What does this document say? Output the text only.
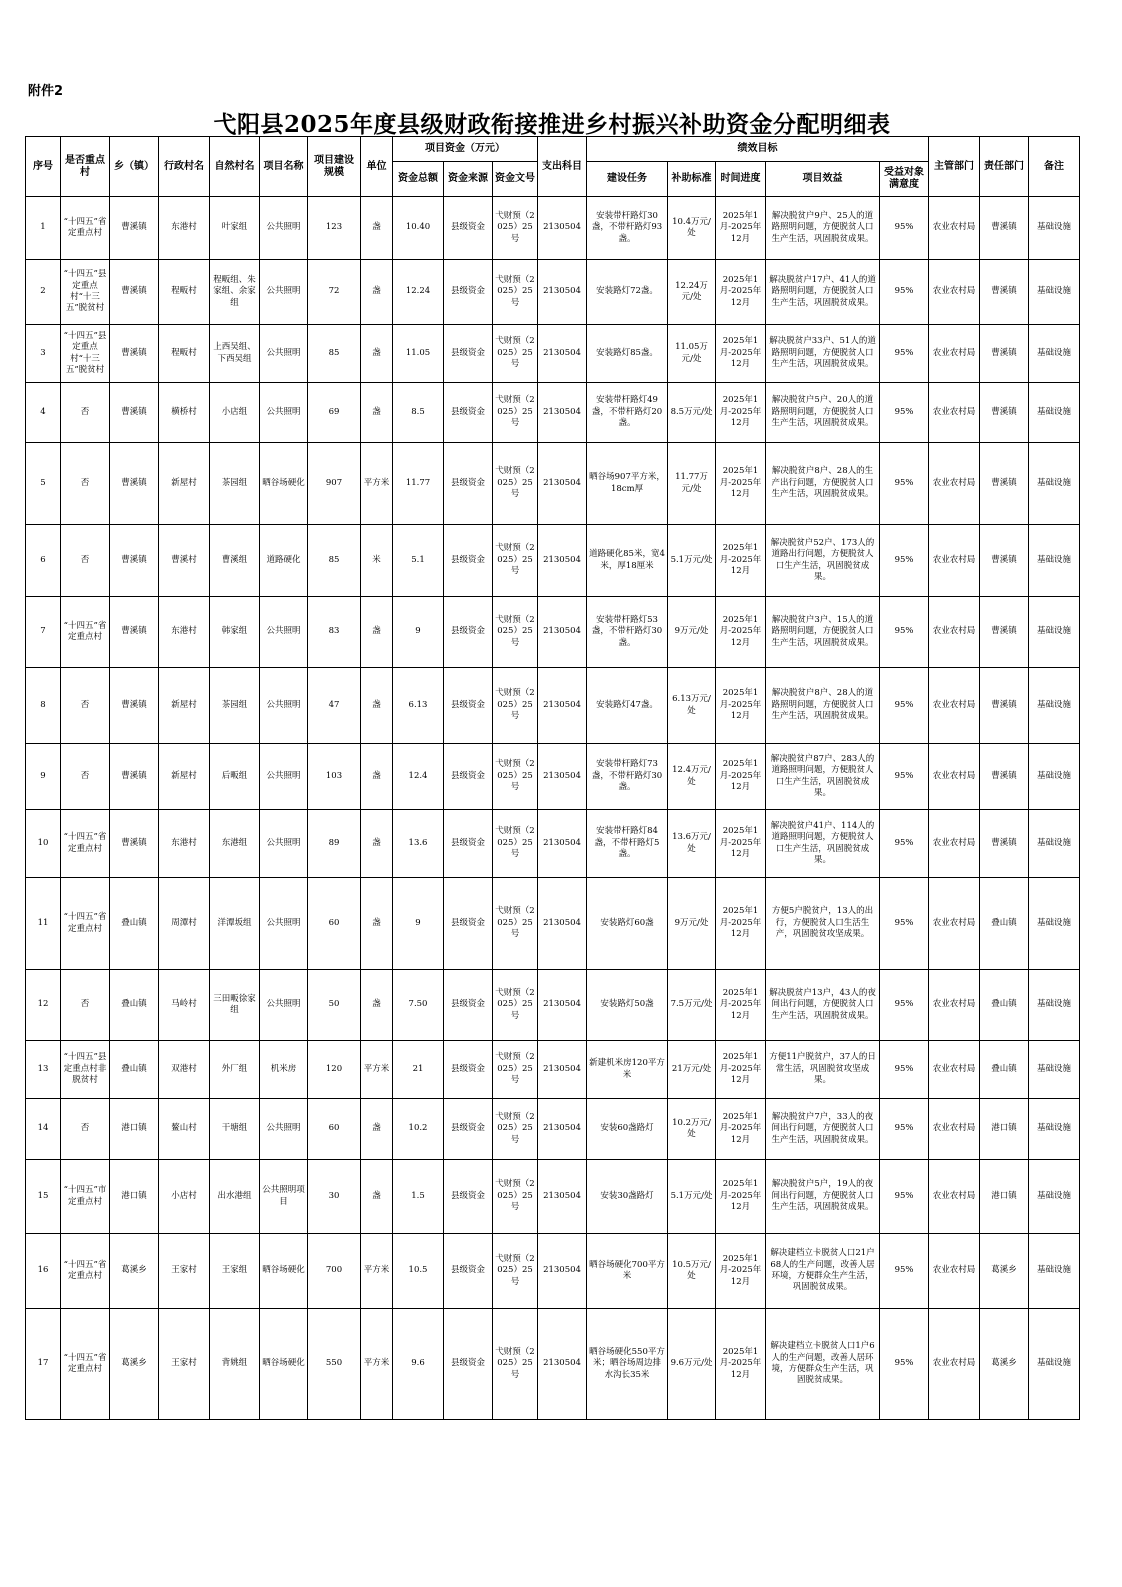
附件2
弋阳县2025年度县级财政衔接推进乡村振兴补助资金分配明细表
序号	是否重点村	乡（镇）	行政村名	自然村名	项目名称	项目建设规模	单位	项目资金（万元）			支出科目	绩效目标					主管部门	责任部门	备注
								资金总额	资金来源	资金文号		建设任务	补助标准	时间进度	项目效益	受益对象满意度			
1	“十四五”省定重点村	曹溪镇	东港村	叶家组	公共照明	123	盏	10.40	县级资金	弋财预（2025）25号	2130504	安装带杆路灯30盏，不带杆路灯93盏。	10.4万元/处	2025年1月-2025年12月	解决脱贫户9户、25人的道路照明问题，方便脱贫人口生产生活，巩固脱贫成果。	95%	农业农村局	曹溪镇	基础设施
2	“十四五”县定重点村“十三五”脱贫村	曹溪镇	程畈村	程畈组、朱家组、余家组	公共照明	72	盏	12.24	县级资金	弋财预（2025）25号	2130504	安装路灯72盏。	12.24万元/处	2025年1月-2025年12月	解决脱贫户17户、41人的道路照明问题，方便脱贫人口生产生活，巩固脱贫成果。	95%	农业农村局	曹溪镇	基础设施
3	“十四五”县定重点村“十三五”脱贫村	曹溪镇	程畈村	上西吴组、下西吴组	公共照明	85	盏	11.05	县级资金	弋财预（2025）25号	2130504	安装路灯85盏。	11.05万元/处	2025年1月-2025年12月	解决脱贫户33户、51人的道路照明问题，方便脱贫人口生产生活，巩固脱贫成果。	95%	农业农村局	曹溪镇	基础设施
4	否	曹溪镇	横桥村	小店组	公共照明	69	盏	8.5	县级资金	弋财预（2025）25号	2130504	安装带杆路灯49盏，不带杆路灯20盏。	8.5万元/处	2025年1月-2025年12月	解决脱贫户5户、20人的道路照明问题，方便脱贫人口生产生活，巩固脱贫成果。	95%	农业农村局	曹溪镇	基础设施
5	否	曹溪镇	新屋村	茶园组	晒谷场硬化	907	平方米	11.77	县级资金	弋财预（2025）25号	2130504	晒谷场907平方米，18cm厚	11.77万元/处	2025年1月-2025年12月	解决脱贫户8户、28人的生产出行问题，方便脱贫人口生产生活，巩固脱贫成果。	95%	农业农村局	曹溪镇	基础设施
6	否	曹溪镇	曹溪村	曹溪组	道路硬化	85	米	5.1	县级资金	弋财预（2025）25号	2130504	道路硬化85米，宽4米，厚18厘米	5.1万元/处	2025年1月-2025年12月	解决脱贫户52户、173人的道路出行问题，方便脱贫人口生产生活，巩固脱贫成果。	95%	农业农村局	曹溪镇	基础设施
7	“十四五”省定重点村	曹溪镇	东港村	韩家组	公共照明	83	盏	9	县级资金	弋财预（2025）25号	2130504	安装带杆路灯53盏，不带杆路灯30盏。	9万元/处	2025年1月-2025年12月	解决脱贫户3户、15人的道路照明问题，方便脱贫人口生产生活，巩固脱贫成果。	95%	农业农村局	曹溪镇	基础设施
8	否	曹溪镇	新屋村	茶园组	公共照明	47	盏	6.13	县级资金	弋财预（2025）25号	2130504	安装路灯47盏。	6.13万元/处	2025年1月-2025年12月	解决脱贫户8户、28人的道路照明问题，方便脱贫人口生产生活，巩固脱贫成果。	95%	农业农村局	曹溪镇	基础设施
9	否	曹溪镇	新屋村	后畈组	公共照明	103	盏	12.4	县级资金	弋财预（2025）25号	2130504	安装带杆路灯73盏，不带杆路灯30盏。	12.4万元/处	2025年1月-2025年12月	解决脱贫户87户、283人的道路照明问题，方便脱贫人口生产生活，巩固脱贫成果。	95%	农业农村局	曹溪镇	基础设施
10	“十四五”省定重点村	曹溪镇	东港村	东港组	公共照明	89	盏	13.6	县级资金	弋财预（2025）25号	2130504	安装带杆路灯84盏，不带杆路灯5盏。	13.6万元/处	2025年1月-2025年12月	解决脱贫户41户、114人的道路照明问题，方便脱贫人口生产生活，巩固脱贫成果。	95%	农业农村局	曹溪镇	基础设施
11	“十四五”省定重点村	叠山镇	周潭村	洋潭坂组	公共照明	60	盏	9	县级资金	弋财预（2025）25号	2130504	安装路灯60盏	9万元/处	2025年1月-2025年12月	方便5户脱贫户，13人的出行，方便脱贫人口生活生产，巩固脱贫攻坚成果。	95%	农业农村局	叠山镇	基础设施
12	否	叠山镇	马岭村	三田畈徐家组	公共照明	50	盏	7.50	县级资金	弋财预（2025）25号	2130504	安装路灯50盏	7.5万元/处	2025年1月-2025年12月	解决脱贫户13户，43人的夜间出行问题，方便脱贫人口生产生活，巩固脱贫成果。	95%	农业农村局	叠山镇	基础设施
13	“十四五”县定重点村非脱贫村	叠山镇	双港村	外厂组	机米房	120	平方米	21	县级资金	弋财预（2025）25号	2130504	新建机米房120平方米	21万元/处	2025年1月-2025年12月	方便11户脱贫户，37人的日常生活，巩固脱贫攻坚成果。	95%	农业农村局	叠山镇	基础设施
14	否	港口镇	鳌山村	干塘组	公共照明	60	盏	10.2	县级资金	弋财预（2025）25号	2130504	安装60盏路灯	10.2万元/处	2025年1月-2025年12月	解决脱贫户7户，33人的夜间出行问题，方便脱贫人口生产生活，巩固脱贫成果。	95%	农业农村局	港口镇	基础设施
15	“十四五”市定重点村	港口镇	小店村	出水港组	公共照明项目	30	盏	1.5	县级资金	弋财预（2025）25号	2130504	安装30盏路灯	5.1万元/处	2025年1月-2025年12月	解决脱贫户5户，19人的夜间出行问题，方便脱贫人口生产生活，巩固脱贫成果。	95%	农业农村局	港口镇	基础设施
16	“十四五”省定重点村	葛溪乡	王家村	王家组	晒谷场硬化	700	平方米	10.5	县级资金	弋财预（2025）25号	2130504	晒谷场硬化700平方米	10.5万元/处	2025年1月-2025年12月	解决建档立卡脱贫人口21户68人的生产问题，改善人居环境，方便群众生产生活，巩固脱贫成果。	95%	农业农村局	葛溪乡	基础设施
17	“十四五”省定重点村	葛溪乡	王家村	背姚组	晒谷场硬化	550	平方米	9.6	县级资金	弋财预（2025）25号	2130504	晒谷场硬化550平方米；晒谷场周边排水沟长35米	9.6万元/处	2025年1月-2025年12月	解决建档立卡脱贫人口1户6人的生产问题，改善人居环境，方便群众生产生活，巩固脱贫成果。	95%	农业农村局	葛溪乡	基础设施
